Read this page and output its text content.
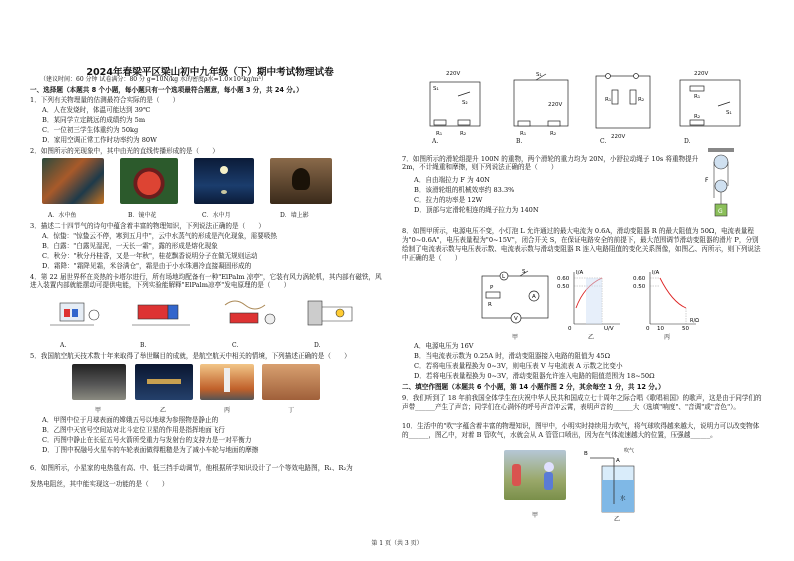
2024年春梁平区梁山初中九年级（下）期中考试物理试卷
（建议时间：60 分钟 试卷满分：80 分 g=10N/kg 水的密度ρ水=1.0×10³kg/m³）
一、选择题（本题共 8 个小题，每小题只有一个选项最符合题意，每小题 3 分，共 24 分。）
1．下列有关物理量的估测最符合实际的是（　　）
A．人在发烧时，体温可能达到 39℃
B．某同学立定跳远的成绩约为 5m
C．一位初三学生体重约为 50kg
D．家用空调正常工作时功率约为 80W
2．如图所示的光现象中，其中由光的直线传播形成的是（　　）
A．水中鱼	B．镜中花	C．水中月	D．墙上影
3．描述二十四节气的诗句中蕴含着丰富的物理知识，下列说法正确的是（　　）
A．惊蛰："惊蛰云不停，寒到五月中"，云中水蒸气的形成是汽化现象，需要吸热
B．白露："白露见湿泥，一天长一霜"，露的形成是熔化现象
C．秋分："秋分丹桂香，又是一年秋"，桂花飘香说明分子在做无规则运动
D．霜降："霜降见霜，米谷满仓"，霜是由于小水珠遇冷直接凝固形成的
4．第 22 届世界杯在炎热的卡塔尔进行，所有场地均配备有一种"ElPalm 凉亭"，它装有风力涡轮机，其内部有磁铁，风进入装置内部就能摆动可提供电能，下列实验能解释"ElPalm凉亭"发电原理的是（　　）
A.	B.	C.	D.
5．我国航空航天技术数十年来取得了举世瞩目的成就，是航空航天中相关的情境，下列描述正确的是（　　）
甲	乙	丙	丁
A．甲图中位于月球表面的嫦娥五号以地球为参照物是静止的
B．乙图中天宫号空间站对北斗定位卫星的作用是指挥地面飞行
C．丙图中静止在长征五号火箭所受重力与发射台的支持力是一对平衡力
D．丁图中祝融号火星车的车轮表面做得粗糙是为了减小车轮与地面的摩擦
6．如图所示，小星家的电热毯有高、中、低三挡手动调节，他根据所学知识设计了一个等效电路图，R₁、R₂为
发热电阻丝，其中能实现这一功能的是（　　）
220V
S₁
S₂
R₁	R₂
220V
S₁
R₁	R₂	220V
R₁	R₂
220V
R₁
R₂
S₁
A.	B.	C.	D.
7．如图所示的滑轮组提升 100N 的重物，两个滑轮的重力均为 20N，小舒拉动绳子 10s 将重物提升 2m，不计绳重和摩擦，则下列说法正确的是（　　）
A．自由端拉力 F 为 40N
B．该滑轮组的机械效率约 83.3%
C．拉力的功率是 12W
D．顶部与定滑轮相连的绳子拉力为 140N
F
G
8．如图甲所示，电源电压不变，小灯泡 L 允许通过的最大电流为 0.6A，滑动变阻器 R 的最大阻值为 50Ω，电流表量程为"0~0.6A"，电压表量程为"0~15V"，闭合开关 S，在保证电路安全的前提下，最大范围调节滑动变阻器的滑片 P，分别绘制了电流表示数与电压表示数、电流表示数与滑动变阻器 R 连入电路阻值的变化关系图像，如图乙、丙所示，则下列说法中正确的是（　　）
L
S
A
V
R
P
甲
I/A
0.60
0.50
0	U/V
乙
I/A
0.60
0.50
0 10	50
R/Ω
丙
A．电源电压为 16V
B．当电流表示数为 0.25A 时，滑动变阻器接入电路的阻值为 45Ω
C．若将电压表量程换为 0~3V，则电压表 V 与电流表 A 示数之比变小
D．若将电压表量程换为 0~3V，滑动变阻器允许连入电路的阻值范围为 18~50Ω
二、填空作图题（本题共 6 个小题，第 14 小题作图 2 分，其余每空 1 分，共 12 分。）
9．我们听到了 18 年前我国全体学生在庆祝中华人民共和国成立七十周年之际合唱《歌唱祖国》的歌声，这是由于同学们的声带______产生了声音；同学们在心满怀的呼号声音冲云霄，表明声音的______大（选填"响度"、"音调"或"音色"）。
10．生活中的"吹"字蕴含着丰富的物理知识，图甲中，小明实时持续用力吹气，将气球吹得越来越大，说明力可以改变物体的______，图乙中，对着 B 管吹气，水就会从 A 管管口喷出，因为在气体流速越大的位置，压强越______。
A
B	吹气
水
甲
乙
第 1 页（共 3 页）
